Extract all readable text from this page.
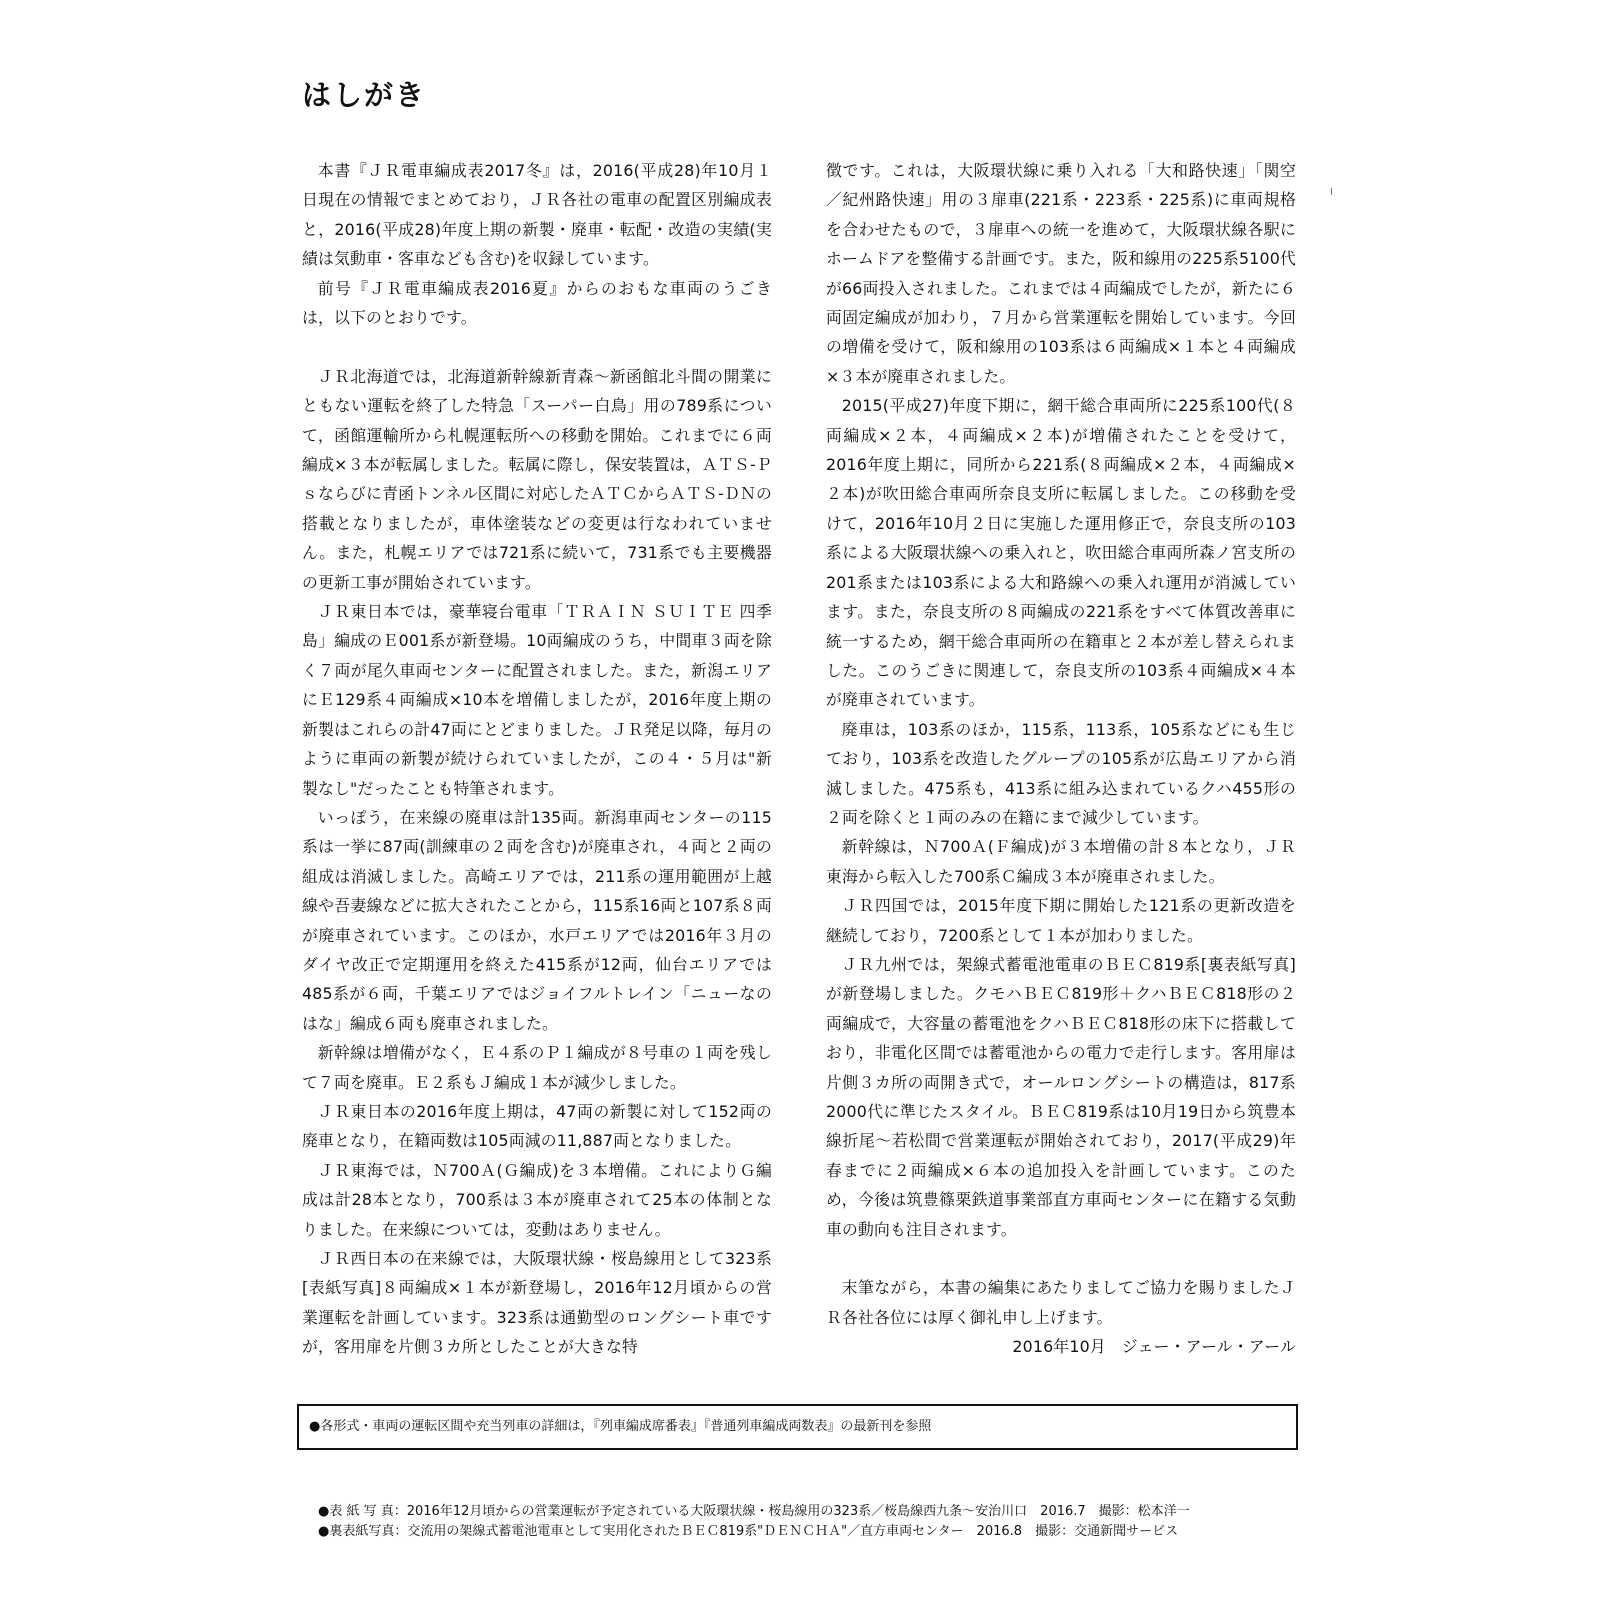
はしがき

本書『ＪＲ電車編成表2017冬』は，2016(平成28)年10月１日現在の情報でまとめており，ＪＲ各社の電車の配置区別編成表と，2016(平成28)年度上期の新製・廃車・転配・改造の実績(実績は気動車・客車なども含む)を収録しています。

前号『ＪＲ電車編成表2016夏』からのおもな車両のうごきは，以下のとおりです。

ＪＲ北海道では，北海道新幹線新青森～新函館北斗間の開業にともない運転を終了した特急「スーパー白鳥」用の789系について，函館運輸所から札幌運転所への移動を開始。これまでに６両編成×３本が転属しました。転属に際し，保安装置は，ＡＴＳ-Ｐｓならびに青函トンネル区間に対応したＡＴＣからＡＴＳ-ＤＮの搭載となりましたが，車体塗装などの変更は行なわれていません。また，札幌エリアでは721系に続いて，731系でも主要機器の更新工事が開始されています。

ＪＲ東日本では，豪華寝台電車「ＴＲＡＩＮ ＳＵＩＴＥ 四季島」編成のＥ001系が新登場。10両編成のうち，中間車３両を除く７両が尾久車両センターに配置されました。また，新潟エリアにＥ129系４両編成×10本を増備しましたが，2016年度上期の新製はこれらの計47両にとどまりました。ＪＲ発足以降，毎月のように車両の新製が続けられていましたが，この４・５月は"新製なし"だったことも特筆されます。

いっぽう，在来線の廃車は計135両。新潟車両センターの115系は一挙に87両(訓練車の２両を含む)が廃車され，４両と２両の組成は消滅しました。高崎エリアでは，211系の運用範囲が上越線や吾妻線などに拡大されたことから，115系16両と107系８両が廃車されています。このほか，水戸エリアでは2016年３月のダイヤ改正で定期運用を終えた415系が12両，仙台エリアでは485系が６両，千葉エリアではジョイフルトレイン「ニューなのはな」編成６両も廃車されました。

新幹線は増備がなく，Ｅ４系のＰ１編成が８号車の１両を残して７両を廃車。Ｅ２系もＪ編成１本が減少しました。

ＪＲ東日本の2016年度上期は，47両の新製に対して152両の廃車となり，在籍両数は105両減の11,887両となりました。

ＪＲ東海では，Ｎ700Ａ(Ｇ編成)を３本増備。これによりＧ編成は計28本となり，700系は３本が廃車されて25本の体制となりました。在来線については，変動はありません。

ＪＲ西日本の在来線では，大阪環状線・桜島線用として323系[表紙写真]８両編成×１本が新登場し，2016年12月頃からの営業運転を計画しています。323系は通勤型のロングシート車ですが，客用扉を片側３カ所としたことが大きな特

徴です。これは，大阪環状線に乗り入れる「大和路快速」「関空／紀州路快速」用の３扉車(221系・223系・225系)に車両規格を合わせたもので，３扉車への統一を進めて，大阪環状線各駅にホームドアを整備する計画です。また，阪和線用の225系5100代が66両投入されました。これまでは４両編成でしたが，新たに６両固定編成が加わり，７月から営業運転を開始しています。今回の増備を受けて，阪和線用の103系は６両編成×１本と４両編成×３本が廃車されました。

2015(平成27)年度下期に，網干総合車両所に225系100代(８両編成×２本，４両編成×２本)が増備されたことを受けて，2016年度上期に，同所から221系(８両編成×２本，４両編成×２本)が吹田総合車両所奈良支所に転属しました。この移動を受けて，2016年10月２日に実施した運用修正で，奈良支所の103系による大阪環状線への乗入れと，吹田総合車両所森ノ宮支所の201系または103系による大和路線への乗入れ運用が消滅しています。また，奈良支所の８両編成の221系をすべて体質改善車に統一するため，網干総合車両所の在籍車と２本が差し替えられました。このうごきに関連して，奈良支所の103系４両編成×４本が廃車されています。

廃車は，103系のほか，115系，113系，105系などにも生じており，103系を改造したグループの105系が広島エリアから消滅しました。475系も，413系に組み込まれているクハ455形の２両を除くと１両のみの在籍にまで減少しています。

新幹線は，Ｎ700Ａ(Ｆ編成)が３本増備の計８本となり，ＪＲ東海から転入した700系Ｃ編成３本が廃車されました。

ＪＲ四国では，2015年度下期に開始した121系の更新改造を継続しており，7200系として１本が加わりました。

ＪＲ九州では，架線式蓄電池電車のＢＥＣ819系[裏表紙写真]が新登場しました。クモハＢＥＣ819形＋クハＢＥＣ818形の２両編成で，大容量の蓄電池をクハＢＥＣ818形の床下に搭載しており，非電化区間では蓄電池からの電力で走行します。客用扉は片側３カ所の両開き式で，オールロングシートの構造は，817系2000代に準じたスタイル。ＢＥＣ819系は10月19日から筑豊本線折尾～若松間で営業運転が開始されており，2017(平成29)年春までに２両編成×６本の追加投入を計画しています。このため，今後は筑豊篠栗鉄道事業部直方車両センターに在籍する気動車の動向も注目されます。

末筆ながら，本書の編集にあたりましてご協力を賜りましたＪＲ各社各位には厚く御礼申し上げます。

2016年10月　ジェー・アール・アール

●各形式・車両の運転区間や充当列車の詳細は，『列車編成席番表』『普通列車編成両数表』の最新刊を参照
●表 紙 写 真：2016年12月頃からの営業運転が予定されている大阪環状線・桜島線用の323系／桜島線西九条～安治川口　2016.7　撮影：松本洋一
●裏表紙写真：交流用の架線式蓄電池電車として実用化されたＢＥＣ819系"ＤＥＮＣＨＡ"／直方車両センター　2016.8　撮影：交通新聞サービス
